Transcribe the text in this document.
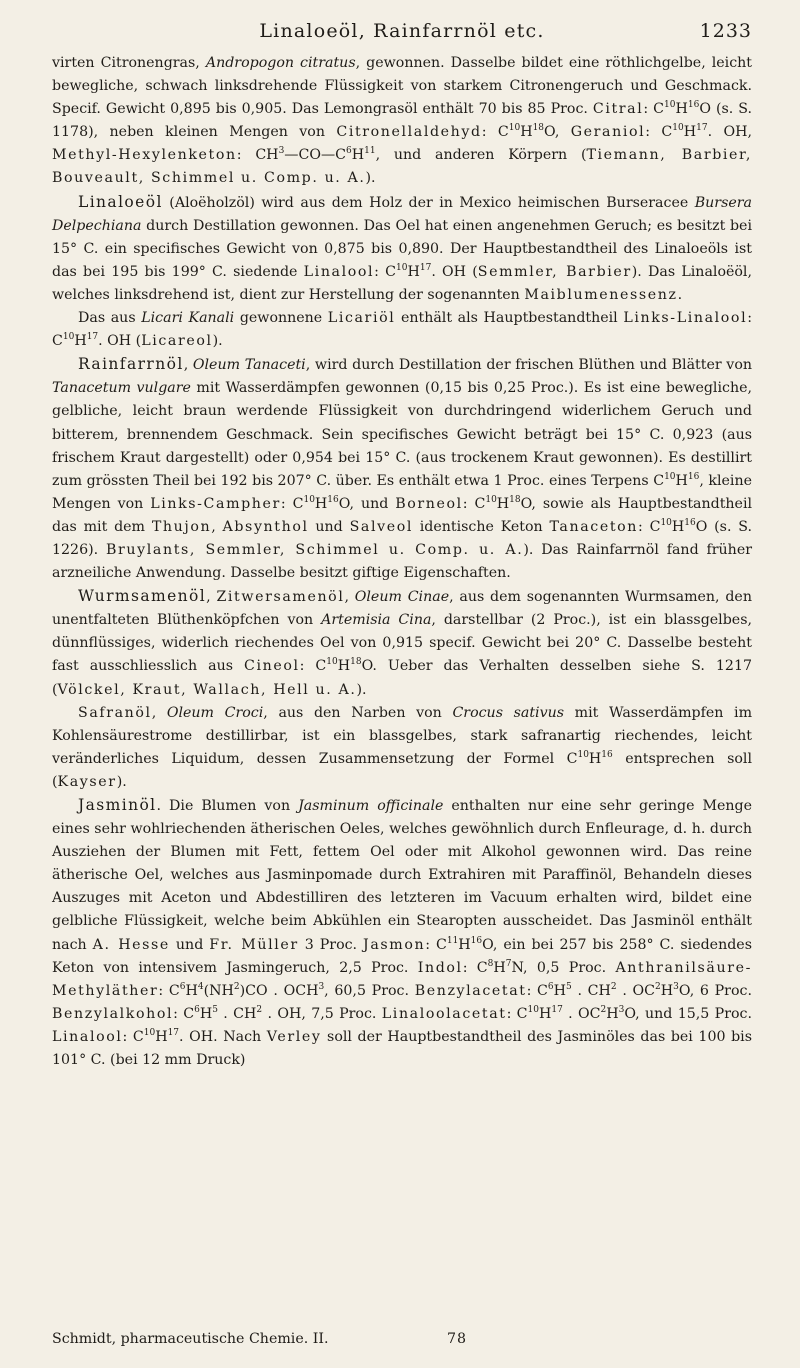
Linaloeöl, Rainfarrnöl etc.	1233

virten Citronengras, Andropogon citratus, gewonnen. Dasselbe bildet eine röthlichgelbe, leicht bewegliche, schwach linksdrehende Flüssigkeit von starkem Citronengeruch und Geschmack. Specif. Gewicht 0,895 bis 0,905. Das Lemongrasöl enthält 70 bis 85 Proc. Citral: $C^{10}H^{16}O$ (s. S. 1178), neben kleinen Mengen von Citronellaldehyd: $C^{10}H^{18}O$, Geraniol: $C^{10}H^{17}$. OH, Methyl-Hexylenketon: $CH^3—CO—C^6H^{11}$, und anderen Körpern (Tiemann, Barbier, Bouveault, Schimmel u. Comp. u. A.).

Linaloeöl (Aloëholzöl) wird aus dem Holz der in Mexico heimischen Burseracee Bursera Delpechiana durch Destillation gewonnen. Das Oel hat einen angenehmen Geruch; es besitzt bei 15° C. ein specifisches Gewicht von 0,875 bis 0,890. Der Hauptbestandtheil des Linaloeöls ist das bei 195 bis 199° C. siedende Linalool: $C^{10}H^{17}$. OH (Semmler, Barbier). Das Linaloëöl, welches linksdrehend ist, dient zur Herstellung der sogenannten Maiblumenessenz.

Das aus Licari Kanali gewonnene Licariöl enthält als Hauptbestandtheil Links-Linalool: $C^{10}H^{17}$. OH (Licareol).

Rainfarrnöl, Oleum Tanaceti, wird durch Destillation der frischen Blüthen und Blätter von Tanacetum vulgare mit Wasserdämpfen gewonnen (0,15 bis 0,25 Proc.). Es ist eine bewegliche, gelbliche, leicht braun werdende Flüssigkeit von durchdringend widerlichem Geruch und bitterem, brennendem Geschmack. Sein specifisches Gewicht beträgt bei 15° C. 0,923 (aus frischem Kraut dargestellt) oder 0,954 bei 15° C. (aus trockenem Kraut gewonnen). Es destillirt zum grössten Theil bei 192 bis 207° C. über. Es enthält etwa 1 Proc. eines Terpens $C^{10}H^{16}$, kleine Mengen von Links-Campher: $C^{10}H^{16}O$, und Borneol: $C^{10}H^{18}O$, sowie als Hauptbestandtheil das mit dem Thujon, Absynthol und Salveol identische Keton Tanaceton: $C^{10}H^{16}O$ (s. S. 1226). Bruylants, Semmler, Schimmel u. Comp. u. A.). Das Rainfarrnöl fand früher arzneiliche Anwendung. Dasselbe besitzt giftige Eigenschaften.

Wurmsamenöl, Zitwersamenöl, Oleum Cinae, aus dem sogenannten Wurmsamen, den unentfalteten Blüthenköpfchen von Artemisia Cina, darstellbar (2 Proc.), ist ein blassgelbes, dünnflüssiges, widerlich riechendes Oel von 0,915 specif. Gewicht bei 20° C. Dasselbe besteht fast ausschliesslich aus Cineol: $C^{10}H^{18}O$. Ueber das Verhalten desselben siehe S. 1217 (Völckel, Kraut, Wallach, Hell u. A.).

Safranöl, Oleum Croci, aus den Narben von Crocus sativus mit Wasserdämpfen im Kohlensäurestrome destillirbar, ist ein blassgelbes, stark safranartig riechendes, leicht veränderliches Liquidum, dessen Zusammensetzung der Formel $C^{10}H^{16}$ entsprechen soll (Kayser).

Jasminöl. Die Blumen von Jasminum officinale enthalten nur eine sehr geringe Menge eines sehr wohlriechenden ätherischen Oeles, welches gewöhnlich durch Enfleurage, d. h. durch Ausziehen der Blumen mit Fett, fettem Oel oder mit Alkohol gewonnen wird. Das reine ätherische Oel, welches aus Jasminpomade durch Extrahiren mit Paraffinöl, Behandeln dieses Auszuges mit Aceton und Abdestilliren des letzteren im Vacuum erhalten wird, bildet eine gelbliche Flüssigkeit, welche beim Abkühlen ein Stearopten ausscheidet. Das Jasminöl enthält nach A. Hesse und Fr. Müller 3 Proc. Jasmon: $C^{11}H^{16}O$, ein bei 257 bis 258° C. siedendes Keton von intensivem Jasmingeruch, 2,5 Proc. Indol: $C^8H^7N$, 0,5 Proc. Anthranilsäure-Methyläther: $C^6H^4(NH^2)CO$ . OCH$^3$, 60,5 Proc. Benzylacetat: $C^6H^5$ . $CH^2$ . $OC^2H^3O$, 6 Proc. Benzylalkohol: $C^6H^5$ . $CH^2$ . OH, 7,5 Proc. Linaloolacetat: $C^{10}H^{17}$ . $OC^2H^3O$, und 15,5 Proc. Linalool: $C^{10}H^{17}$. OH. Nach Verley soll der Hauptbestandtheil des Jasminöles das bei 100 bis 101° C. (bei 12 mm Druck)

Schmidt, pharmaceutische Chemie. II.	78
